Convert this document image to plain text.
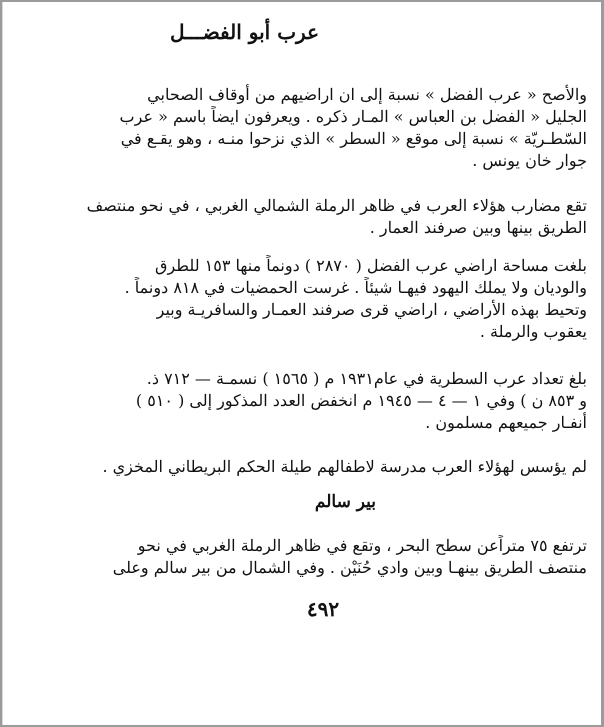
عرب أبو الفضـــل
والأصح « عرب الفضل » نسبة إلى ان اراضيهم من أوقاف الصحابي
الجليل « الفضل بن العباس » المـار ذكره . ويعرفون ايضاً باسم « عرب
السّطـريّة » نسبة إلى موقع « السطر » الذي نزحوا منـه ، وهو يقـع في
جوار خان يونس .
تقع مضارب هؤلاء العرب في ظاهر الرملة الشمالي الغربي ، في نحو منتصف
الطريق بينها وبين صرفند العمار .
بلغت مساحة اراضي عرب الفضل ( ٢٨٧٠ ) دونماً منها ١٥٣ للطرق
والوديان ولا يملك اليهود فيهـا شيئاً . غرست الحمضيات في ٨١٨ دونماً .
وتحيط بهذه الأراضي ، اراضي قرى صرفند العمـار والسافريـة وبير
يعقوب والرملة .
بلغ تعداد عرب السطرية في عام١٩٣١ م ( ١٥٦٥ ) نسمـة — ٧١٢ ذ.
و ٨٥٣ ن ) وفي ١ — ٤ — ١٩٤٥ م انخفض العدد المذكور إلى ( ٥١٠ )
أنفـار جميعهم مسلمون .
لم يؤسس لهؤلاء العرب مدرسة لاطفالهم طيلة الحكم البريطاني المخزي .
بير سالم
ترتفع ٧٥ متراًعن سطح البحر ، وتقع في ظاهر الرملة الغربي في نحو
منتصف الطريق بينهـا وبين وادي حُنَيْن . وفي الشمال من بير سالم وعلى
٤٩٢
